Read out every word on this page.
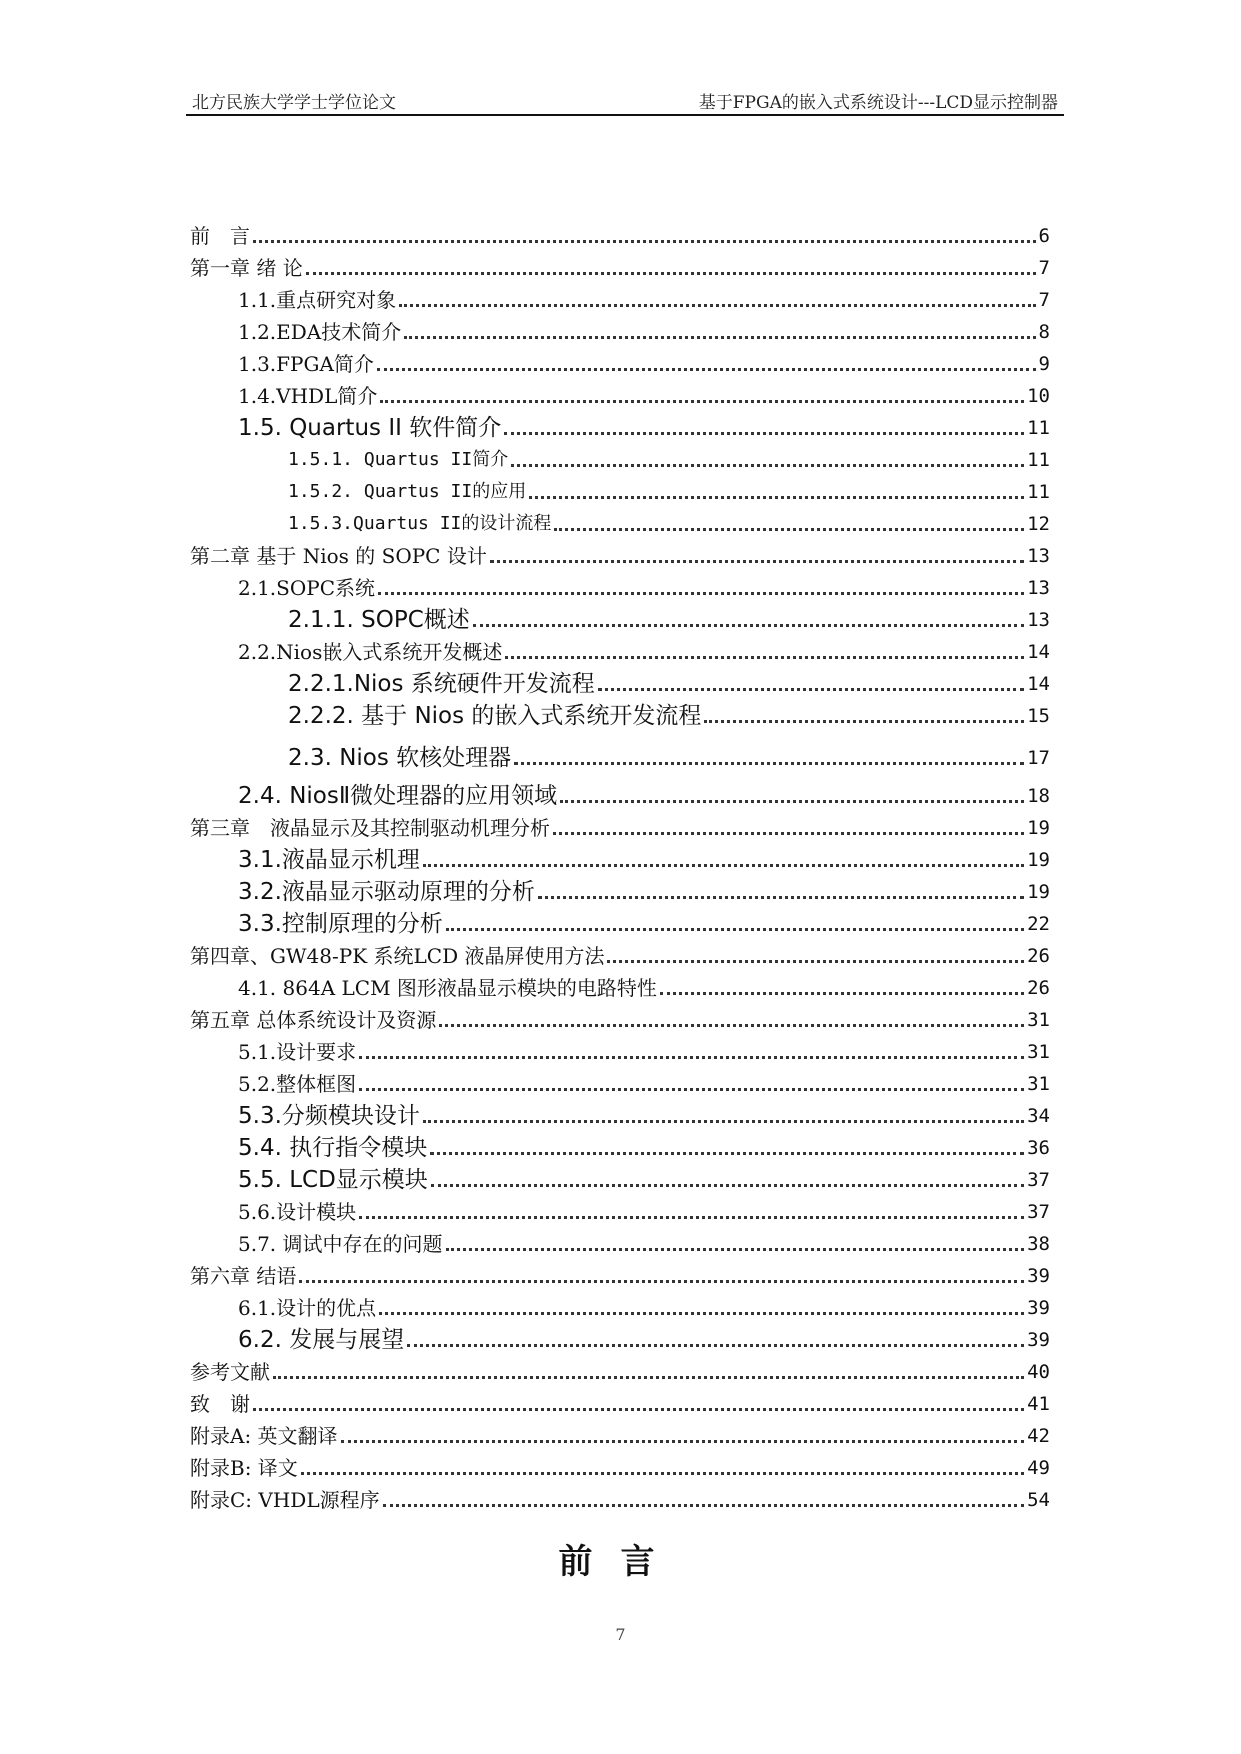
北方民族大学学士学位论文	基于FPGA的嵌入式系统设计---LCD显示控制器
前　言	6
第一章 绪 论	7
1.1.重点研究对象	7
1.2.EDA技术简介	8
1.3.FPGA简介	9
1.4.VHDL简介	10
1.5. Quartus II 软件简介	11
1.5.1. Quartus II简介	11
1.5.2. Quartus II的应用	11
1.5.3.Quartus II的设计流程	12
第二章 基于 Nios 的 SOPC 设计	13
2.1.SOPC系统	13
2.1.1. SOPC概述	13
2.2.Nios嵌入式系统开发概述	14
2.2.1.Nios 系统硬件开发流程	14
2.2.2. 基于 Nios 的嵌入式系统开发流程	15
2.3. Nios 软核处理器	17
2.4. NiosⅡ微处理器的应用领域	18
第三章　液晶显示及其控制驱动机理分析	19
3.1.液晶显示机理	19
3.2.液晶显示驱动原理的分析	19
3.3.控制原理的分析	22
第四章、GW48-PK 系统LCD 液晶屏使用方法	26
4.1. 864A LCM 图形液晶显示模块的电路特性	26
第五章 总体系统设计及资源	31
5.1.设计要求	31
5.2.整体框图	31
5.3.分频模块设计	34
5.4. 执行指令模块	36
5.5. LCD显示模块	37
5.6.设计模块	37
5.7. 调试中存在的问题	38
第六章 结语	39
6.1.设计的优点	39
6.2. 发展与展望	39
参考文献	40
致　谢	41
附录A: 英文翻译	42
附录B: 译文	49
附录C: VHDL源程序	54
前言
7
